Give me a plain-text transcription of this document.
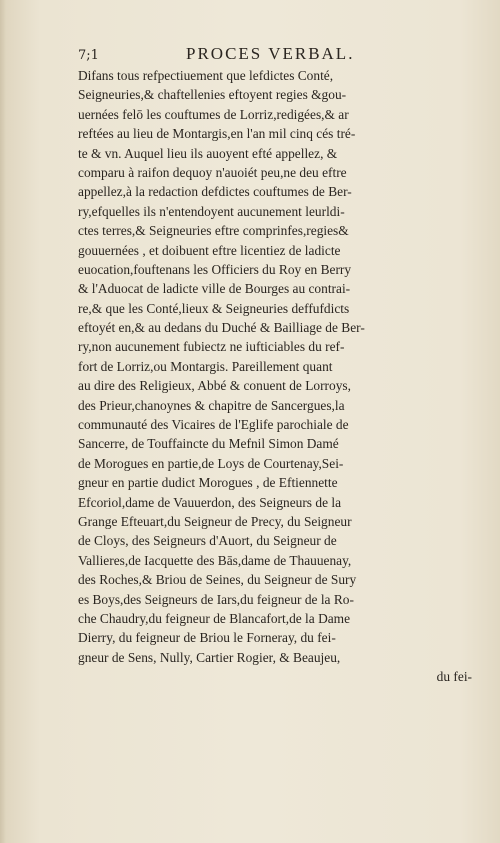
7;1	PROCES VERBAL.
Difans tous refpectiuement que lefdictes Conté,
Seigneuries,& chaftellenies eftoyent regies &gou-
uernées felō les couftumes de Lorriz,redigées,& ar
reftées au lieu de Montargis,en l'an mil cinq cés tré-
te & vn. Auquel lieu ils auoyent efté appellez, &
comparu à raifon dequoy n'auoiét peu,ne deu eftre
appellez,à la redaction defdictes couftumes de Ber-
ry,efquelles ils n'entendoyent aucunement leurldi-
ctes terres,& Seigneuries eftre comprinfes,regies&
gouuernées , et doibuent eftre licentiez de ladicte
euocation,fouftenans les Officiers du Roy en Berry
& l'Aduocat de ladicte ville de Bourges au contrai-
re,& que les Conté,lieux & Seigneuries deffufdicts
eftoyét en,& au dedans du Duché & Bailliage de Ber-
ry,non aucunement fubiectz ne iufticiables du ref-
fort de Lorriz,ou Montargis. Pareillement quant
au dire des Religieux, Abbé & conuent de Lorroys,
des Prieur,chanoynes & chapitre de Sancergues,la
communauté des Vicaires de l'Eglife parochiale de
Sancerre, de Touffaincte du Mefnil Simon Damé
de Morogues en partie,de Loys de Courtenay,Sei-
gneur en partie dudict Morogues , de Eftiennette
Efcoriol,dame de Vauuerdon, des Seigneurs de la
Grange Efteuart,du Seigneur de Precy, du Seigneur
de Cloys, des Seigneurs d'Auort, du Seigneur de
Vallieres,de Iacquette des Bās,dame de Thauuenay,
des Roches,& Briou de Seines, du Seigneur de Sury
es Boys,des Seigneurs de Iars,du feigneur de la Ro-
che Chaudry,du feigneur de Blancafort,de la Dame
Dierry, du feigneur de Briou le Forneray, du fei-
gneur de Sens, Nully, Cartier Rogier, & Beaujeu,
du fei-
